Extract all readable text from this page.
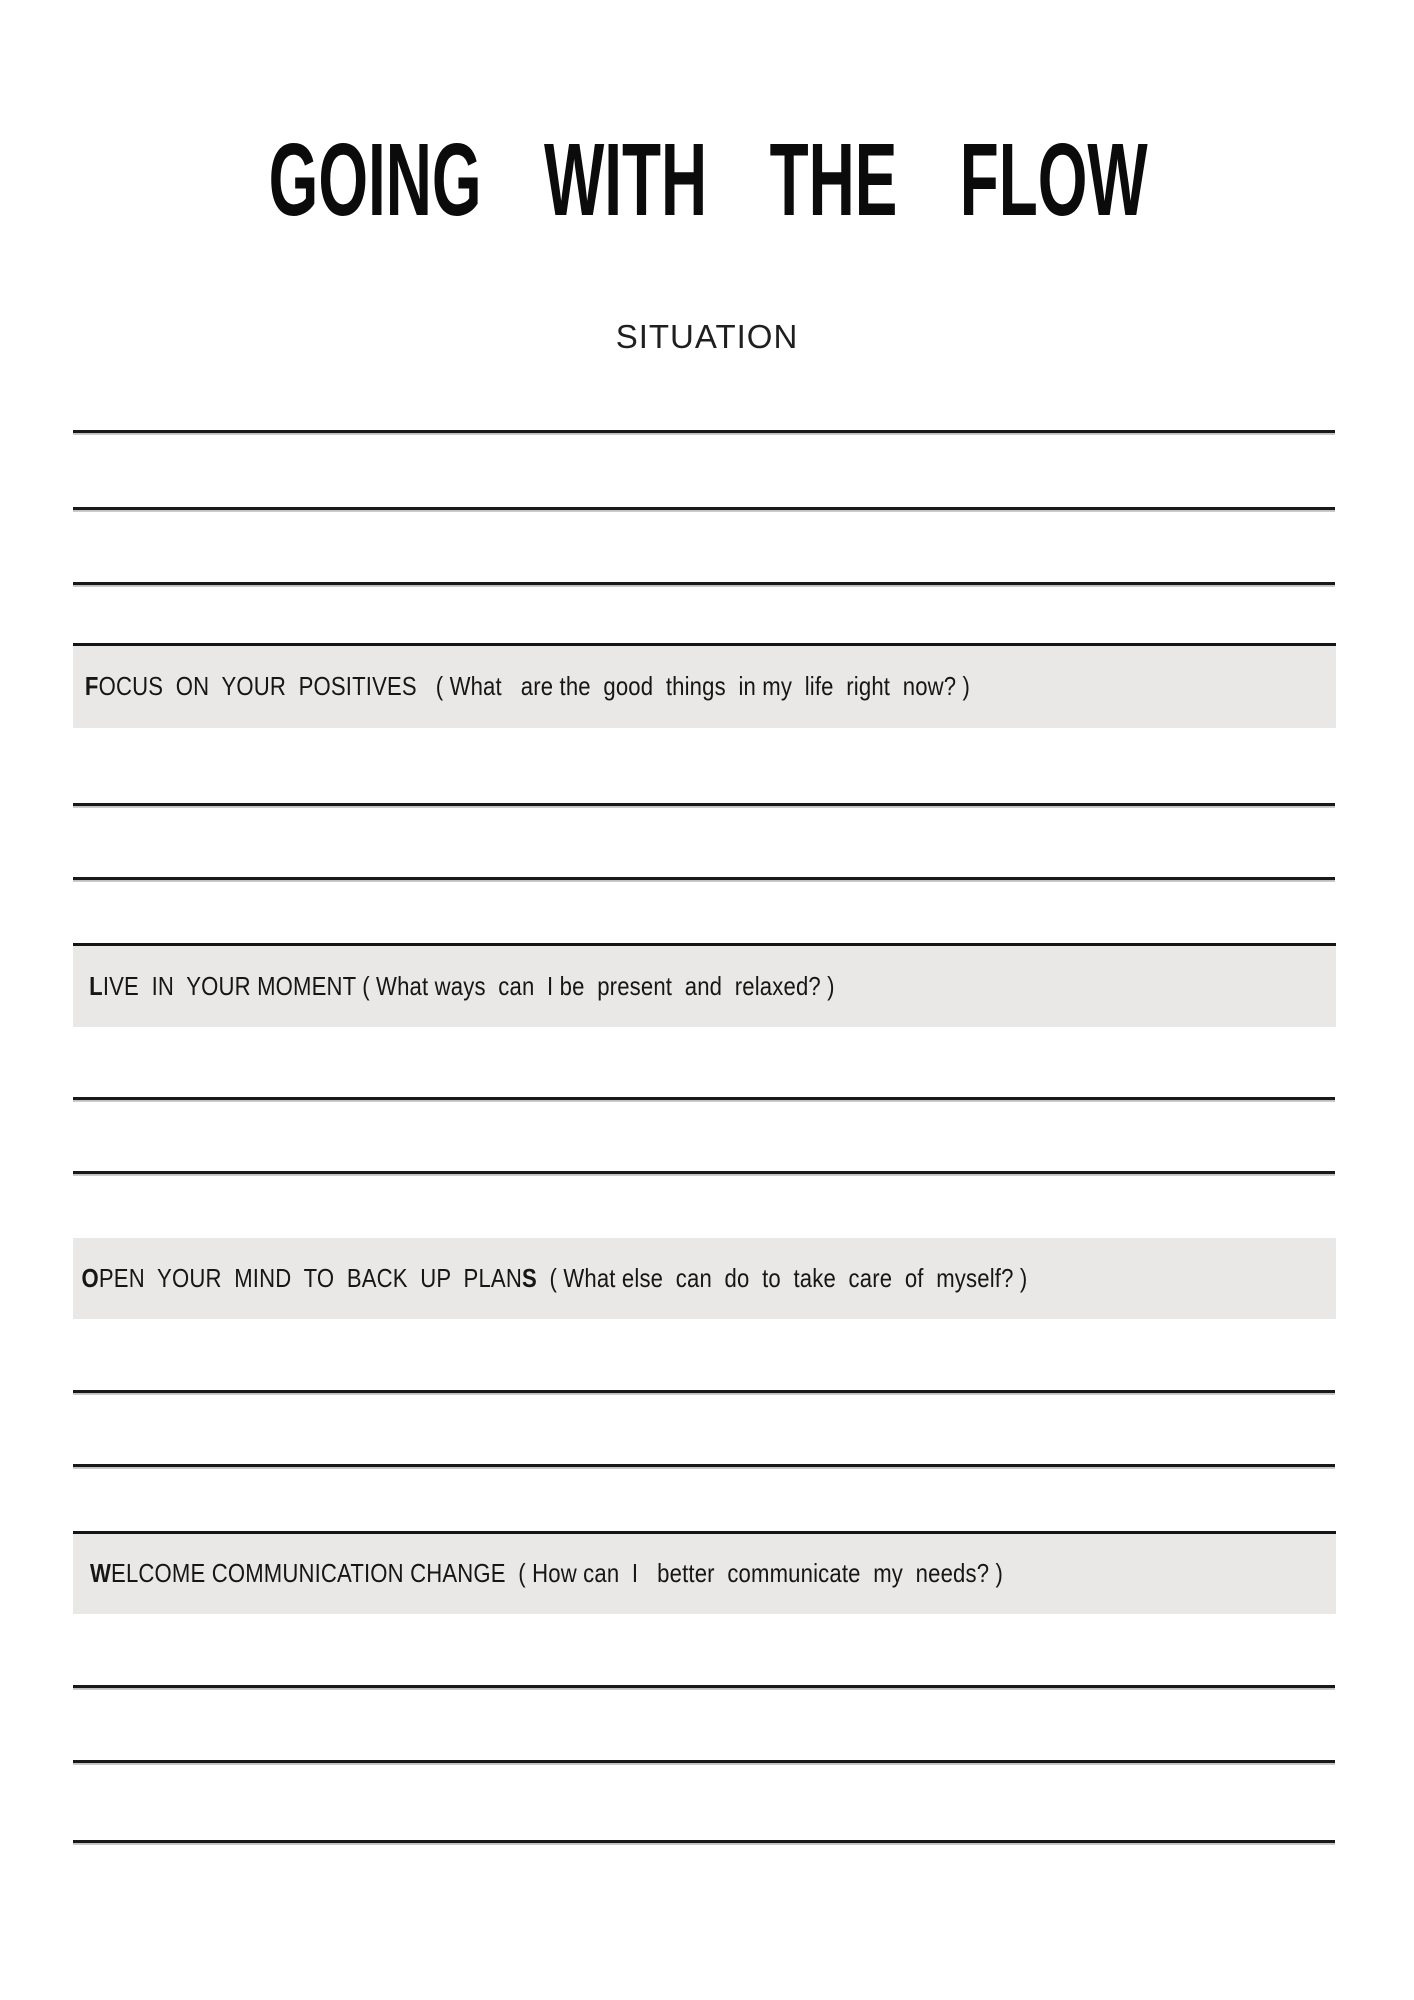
GOING WITH THE FLOW
SITUATION
FOCUS  ON  YOUR  POSITIVES   ( What   are the  good  things  in my  life  right  now? )
LIVE  IN  YOUR MOMENT ( What ways  can  I be  present  and  relaxed? )
OPEN  YOUR  MIND  TO  BACK  UP  PLANS  ( What else  can  do  to  take  care  of  myself? )
WELCOME COMMUNICATION CHANGE  ( How can  I   better  communicate  my  needs? )
